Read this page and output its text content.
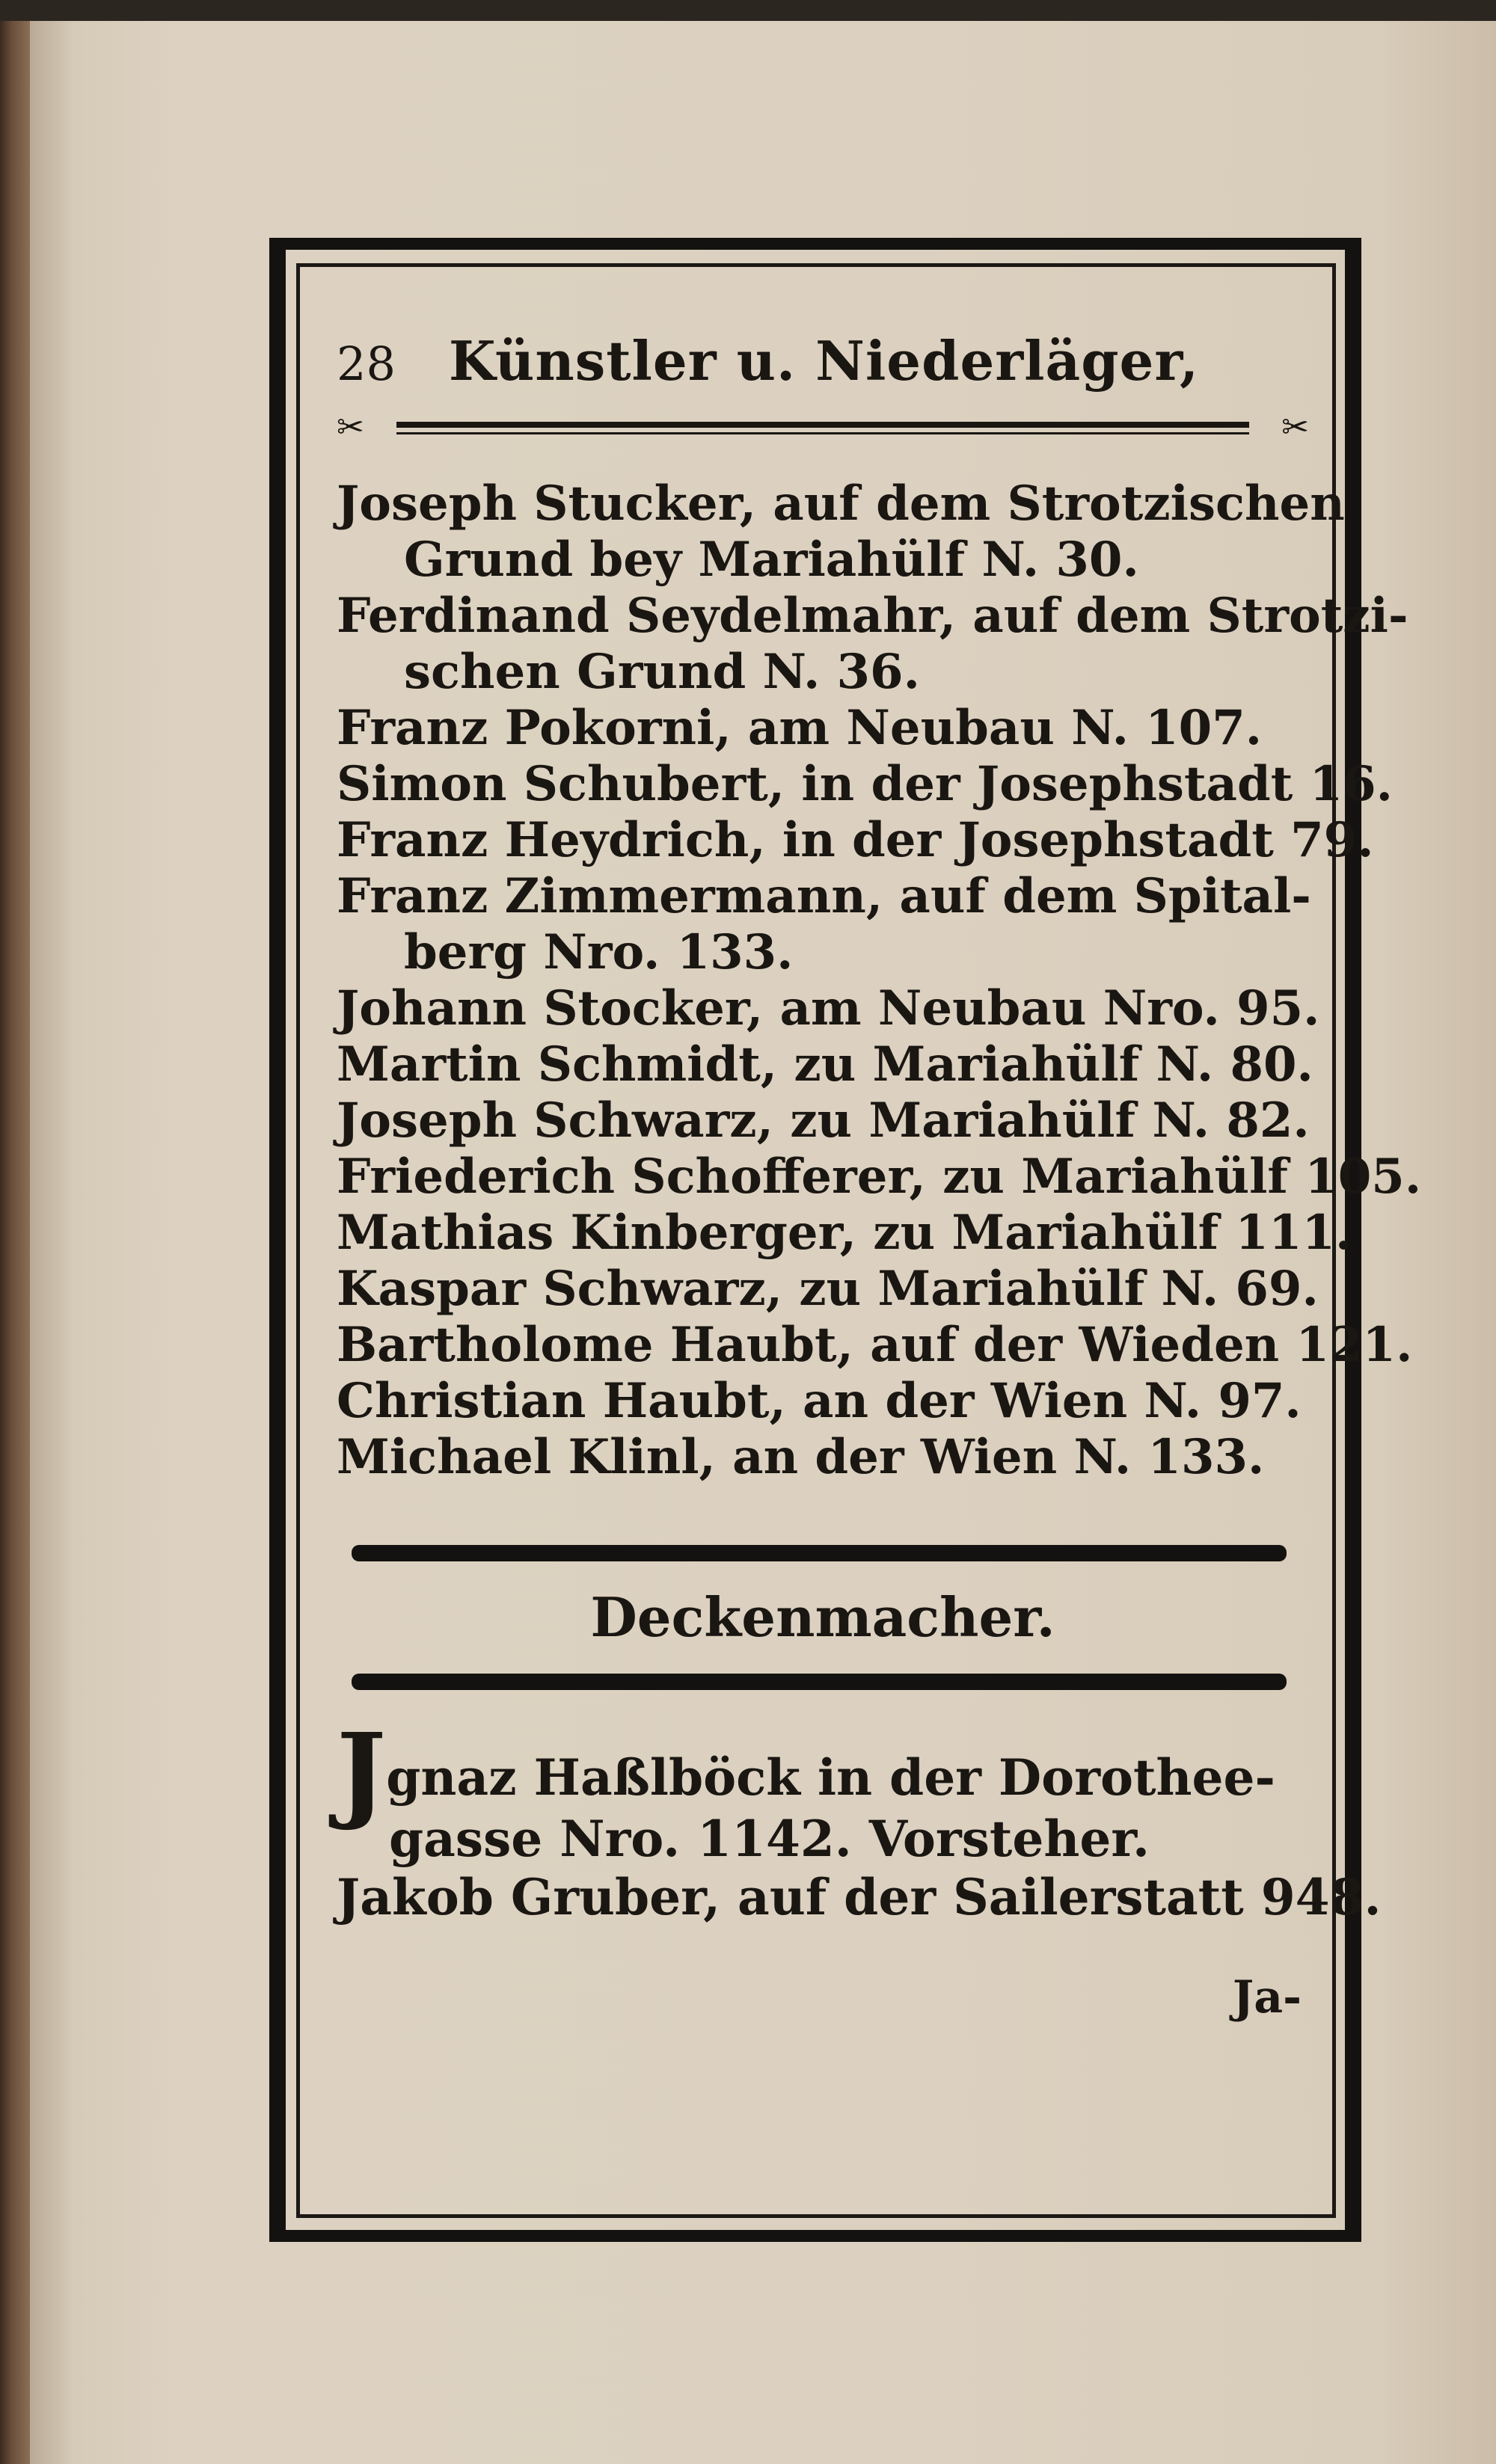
28 Künstler u. Niederläger,
✂	✂
Joseph Stucker, auf dem Strotzischen
Grund bey Mariahülf N. 30.
Ferdinand Seydelmahr, auf dem Strotzi-
schen Grund N. 36.
Franz Pokorni, am Neubau N. 107.
Simon Schubert, in der Josephstadt 16.
Franz Heydrich, in der Josephstadt 79.
Franz Zimmermann, auf dem Spital-
berg Nro. 133.
Johann Stocker, am Neubau Nro. 95.
Martin Schmidt, zu Mariahülf N. 80.
Joseph Schwarz, zu Mariahülf N. 82.
Friederich Schofferer, zu Mariahülf 105.
Mathias Kinberger, zu Mariahülf 111.
Kaspar Schwarz, zu Mariahülf N. 69.
Bartholome Haubt, auf der Wieden 121.
Christian Haubt, an der Wien N. 97.
Michael Klinl, an der Wien N. 133.
Deckenmacher.
Jgnaz Haßlböck in der Dorothee-
gasse Nro. 1142. Vorsteher.
Jakob Gruber, auf der Sailerstatt 948.
Ja-
